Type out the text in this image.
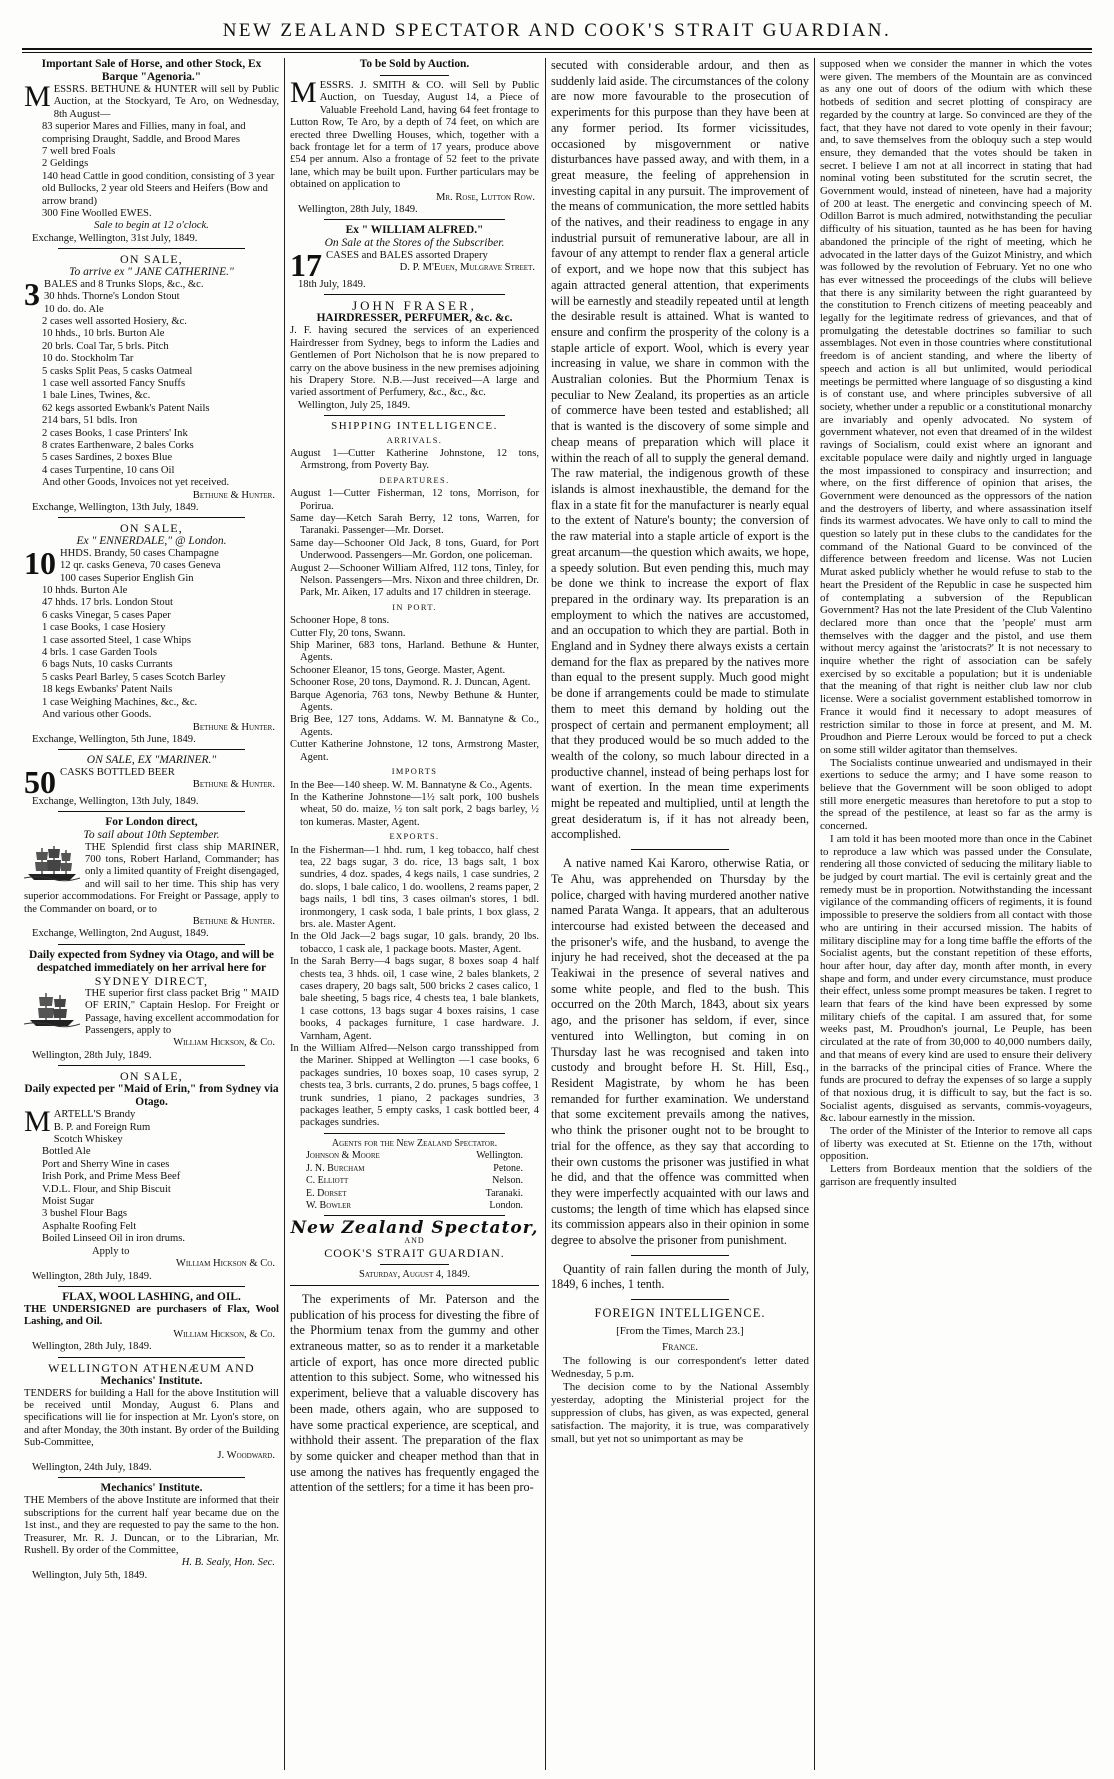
NEW ZEALAND SPECTATOR AND COOK'S STRAIT GUARDIAN.
Important Sale of Horse, and other Stock, Ex Barque "Agenoria."
MESSRS. BETHUNE & HUNTER will sell by Public Auction, at the Stockyard, Te Aro, on Wednesday, 8th August—
83 superior Mares and Fillies, many in foal, and comprising Draught, Saddle, and Brood Mares
7 well bred Foals
2 Geldings
140 head Cattle in good condition, consisting of 3 year old Bullocks, 2 year old Steers and Heifers (Bow and arrow brand)
300 Fine Woolled EWES.
Sale to begin at 12 o'clock.
Exchange, Wellington, 31st July, 1849.
ON SALE,
To arrive ex " JANE CATHERINE."
3 BALES and 8 Trunks Slops, &c., &c.
30 hhds. Thorne's London Stout
10 do. do. Ale
2 cases well assorted Hosiery, &c.
10 hhds., 10 brls. Burton Ale
20 brls. Coal Tar, 5 brls. Pitch
10 do. Stockholm Tar
5 casks Split Peas, 5 casks Oatmeal
1 case well assorted Fancy Snuffs
1 bale Lines, Twines, &c.
62 kegs assorted Ewbank's Patent Nails
214 bars, 51 bdls. Iron
2 cases Books, 1 case Printers' Ink
8 crates Earthenware, 2 bales Corks
5 cases Sardines, 2 boxes Blue
4 cases Turpentine, 10 cans Oil
And other Goods, Invoices not yet received.
Bethune & Hunter.
Exchange, Wellington, 13th July, 1849.
ON SALE,
Ex " ENNERDALE," @ London.
10 HHDS. Brandy, 50 cases Champagne
12 qr. casks Geneva, 70 cases Geneva
100 cases Superior English Gin
10 hhds. Burton Ale
47 hhds. 17 brls. London Stout
6 casks Vinegar, 5 cases Paper
1 case Books, 1 case Hosiery
1 case assorted Steel, 1 case Whips
4 brls. 1 case Garden Tools
6 bags Nuts, 10 casks Currants
5 casks Pearl Barley, 5 cases Scotch Barley
18 kegs Ewbanks' Patent Nails
1 case Weighing Machines, &c., &c.
And various other Goods.
Bethune & Hunter.
Exchange, Wellington, 5th June, 1849.
ON SALE, EX "MARINER."
50 CASKS BOTTLED BEER
Bethune & Hunter.
Exchange, Wellington, 13th July, 1849.
For London direct,
To sail about 10th September.
THE Splendid first class ship MARINER, 700 tons, Robert Harland, Commander; has only a limited quantity of Freight disengaged, and will sail to her time. This ship has very superior accommodations. For Freight or Passage, apply to the Commander on board, or to
Bethune & Hunter.
Exchange, Wellington, 2nd August, 1849.
Daily expected from Sydney via Otago, and will be despatched immediately on her arrival here for
SYDNEY DIRECT,
THE superior first class packet Brig " MAID OF ERIN," Captain Heslop. For Freight or Passage, having excellent accommodation for Passengers, apply to
William Hickson, & Co.
Wellington, 28th July, 1849.
ON SALE,
Daily expected per "Maid of Erin," from Sydney via Otago.
M ARTELL'S Brandy
B. P. and Foreign Rum
Scotch Whiskey
Bottled Ale
Port and Sherry Wine in cases
Irish Pork, and Prime Mess Beef
V.D.L. Flour, and Ship Biscuit
Moist Sugar
3 bushel Flour Bags
Asphalte Roofing Felt
Boiled Linseed Oil in iron drums.
Apply to
William Hickson & Co.
Wellington, 28th July, 1849.
FLAX, WOOL LASHING, and OIL.
THE UNDERSIGNED are purchasers of Flax, Wool Lashing, and Oil.
William Hickson, & Co.
Wellington, 28th July, 1849.
WELLINGTON ATHENÆUM AND
Mechanics' Institute.
TENDERS for building a Hall for the above Institution will be received until Monday, August 6. Plans and specifications will lie for inspection at Mr. Lyon's store, on and after Monday, the 30th instant. By order of the Building Sub-Committee,
J. Woodward.
Wellington, 24th July, 1849.
Mechanics' Institute.
THE Members of the above Institute are informed that their subscriptions for the current half year became due on the 1st inst., and they are requested to pay the same to the hon. Treasurer, Mr. R. J. Duncan, or to the Librarian, Mr. Rushell. By order of the Committee,
H. B. Sealy, Hon. Sec.
Wellington, July 5th, 1849.
To be Sold by Auction.
MESSRS. J. SMITH & CO. will Sell by Public Auction, on Tuesday, August 14, a Piece of Valuable Freehold Land, having 64 feet frontage to Lutton Row, Te Aro, by a depth of 74 feet, on which are erected three Dwelling Houses, which, together with a back frontage let for a term of 17 years, produce above £54 per annum. Also a frontage of 52 feet to the private lane, which may be built upon. Further particulars may be obtained on application to
Mr. Rose, Lutton Row.
Wellington, 28th July, 1849.
Ex " WILLIAM ALFRED."
On Sale at the Stores of the Subscriber.
17 CASES and BALES assorted Drapery
D. P. M'Euen, Mulgrave Street.
18th July, 1849.
JOHN FRASER,
HAIRDRESSER, PERFUMER, &c. &c.
J. F. having secured the services of an experienced Hairdresser from Sydney, begs to inform the Ladies and Gentlemen of Port Nicholson that he is now prepared to carry on the above business in the new premises adjoining his Drapery Store. N.B.—Just received—A large and varied assortment of Perfumery, &c., &c., &c.
Wellington, July 25, 1849.
SHIPPING INTELLIGENCE.
ARRIVALS.
August 1—Cutter Katherine Johnstone, 12 tons, Armstrong, from Poverty Bay.
DEPARTURES.
August 1—Cutter Fisherman, 12 tons, Morrison, for Porirua.
Same day—Ketch Sarah Berry, 12 tons, Warren, for Taranaki. Passenger—Mr. Dorset.
Same day—Schooner Old Jack, 8 tons, Guard, for Port Underwood. Passengers—Mr. Gordon, one policeman.
August 2—Schooner William Alfred, 112 tons, Tinley, for Nelson. Passengers—Mrs. Nixon and three children, Dr. Park, Mr. Aiken, 17 adults and 17 children in steerage.
IN PORT.
Schooner Hope, 8 tons.
Cutter Fly, 20 tons, Swann.
Ship Mariner, 683 tons, Harland. Bethune & Hunter, Agents.
Schooner Eleanor, 15 tons, George. Master, Agent.
Schooner Rose, 20 tons, Daymond. R. J. Duncan, Agent.
Barque Agenoria, 763 tons, Newby Bethune & Hunter, Agents.
Brig Bee, 127 tons, Addams. W. M. Bannatyne & Co., Agents.
Cutter Katherine Johnstone, 12 tons, Armstrong Master, Agent.
IMPORTS
In the Bee—140 sheep. W. M. Bannatyne & Co., Agents.
In the Katherine Johnstone—1½ salt pork, 100 bushels wheat, 50 do. maize, ½ ton salt pork, 2 bags barley, ½ ton kumeras. Master, Agent.
EXPORTS.
In the Fisherman—1 hhd. rum, 1 keg tobacco, half chest tea, 22 bags sugar, 3 do. rice, 13 bags salt, 1 box sundries, 4 doz. spades, 4 kegs nails, 1 case sundries, 2 do. slops, 1 bale calico, 1 do. woollens, 2 reams paper, 2 bags nails, 1 bdl tins, 3 cases oilman's stores, 1 bdl. ironmongery, 1 cask soda, 1 bale prints, 1 box glass, 2 brs. ale. Master Agent.
In the Old Jack—2 bags sugar, 10 gals. brandy, 20 lbs. tobacco, 1 cask ale, 1 package boots. Master, Agent.
In the Sarah Berry—4 bags sugar, 8 boxes soap 4 half chests tea, 3 hhds. oil, 1 case wine, 2 bales blankets, 2 cases drapery, 20 bags salt, 500 bricks 2 cases calico, 1 bale sheeting, 5 bags rice, 4 chests tea, 1 bale blankets, 1 case cottons, 13 bags sugar 4 boxes raisins, 1 case books, 4 packages furniture, 1 case hardware. J. Varnham, Agent.
In the William Alfred—Nelson cargo transshipped from the Mariner. Shipped at Wellington —1 case books, 6 packages sundries, 10 boxes soap, 10 cases syrup, 2 chests tea, 3 brls. currants, 2 do. prunes, 5 bags coffee, 1 trunk sundries, 1 piano, 2 packages sundries, 3 packages leather, 5 empty casks, 1 cask bottled beer, 4 packages sundries.
Agents for the New Zealand Spectator.
Johnson & Moore	Wellington.
J. N. Burcham	Petone.
C. Elliott	Nelson.
E. Dorset	Taranaki.
W. Bowler	London.
New Zealand Spectator,
AND
COOK'S STRAIT GUARDIAN.
Saturday, August 4, 1849.

The experiments of Mr. Paterson and the publication of his process for divesting the fibre of the Phormium tenax from the gummy and other extraneous matter, so as to render it a marketable article of export, has once more directed public attention to this subject. Some, who witnessed his experiment, believe that a valuable discovery has been made, others again, who are supposed to have some practical experience, are sceptical, and withhold their assent. The preparation of the flax by some quicker and cheaper method than that in use among the natives has frequently engaged the attention of the settlers; for a time it has been pro-

secuted with considerable ardour, and then as suddenly laid aside. The circumstances of the colony are now more favourable to the prosecution of experiments for this purpose than they have been at any former period. Its former vicissitudes, occasioned by misgovernment or native disturbances have passed away, and with them, in a great measure, the feeling of apprehension in investing capital in any pursuit. The improvement of the means of communication, the more settled habits of the natives, and their readiness to engage in any industrial pursuit of remunerative labour, are all in favour of any attempt to render flax a general article of export, and we hope now that this subject has again attracted general attention, that experiments will be earnestly and steadily repeated until at length the desirable result is attained. What is wanted to ensure and confirm the prosperity of the colony is a staple article of export. Wool, which is every year increasing in value, we share in common with the Australian colonies. But the Phormium Tenax is peculiar to New Zealand, its properties as an article of commerce have been tested and established; all that is wanted is the discovery of some simple and cheap means of preparation which will place it within the reach of all to supply the general demand. The raw material, the indigenous growth of these islands is almost inexhaustible, the demand for the flax in a state fit for the manufacturer is nearly equal to the extent of Nature's bounty; the conversion of the raw material into a staple article of export is the great arcanum—the question which awaits, we hope, a speedy solution. But even pending this, much may be done we think to increase the export of flax prepared in the ordinary way. Its preparation is an employment to which the natives are accustomed, and an occupation to which they are partial. Both in England and in Sydney there always exists a certain demand for the flax as prepared by the natives more than equal to the present supply. Much good might be done if arrangements could be made to stimulate them to meet this demand by holding out the prospect of certain and permanent employment; all that they produced would be so much added to the wealth of the colony, so much labour directed in a productive channel, instead of being perhaps lost for want of exertion. In the mean time experiments might be repeated and multiplied, until at length the great desideratum is, if it has not already been, accomplished.

A native named Kai Karoro, otherwise Ratia, or Te Ahu, was apprehended on Thursday by the police, charged with having murdered another native named Parata Wanga. It appears, that an adulterous intercourse had existed between the deceased and the prisoner's wife, and the husband, to avenge the injury he had received, shot the deceased at the pa Teakiwai in the presence of several natives and some white people, and fled to the bush. This occurred on the 20th March, 1843, about six years ago, and the prisoner has seldom, if ever, since ventured into Wellington, but coming in on Thursday last he was recognised and taken into custody and brought before H. St. Hill, Esq., Resident Magistrate, by whom he has been remanded for further examination. We understand that some excitement prevails among the natives, who think the prisoner ought not to be brought to trial for the offence, as they say that according to their own customs the prisoner was justified in what he did, and that the offence was committed when they were imperfectly acquainted with our laws and customs; the length of time which has elapsed since its commission appears also in their opinion in some degree to absolve the prisoner from punishment.

Quantity of rain fallen during the month of July, 1849, 6 inches, 1 tenth.

FOREIGN INTELLIGENCE.
[From the Times, March 23.]
France.

The following is our correspondent's letter dated Wednesday, 5 p.m.

The decision come to by the National Assembly yesterday, adopting the Ministerial project for the suppression of clubs, has given, as was expected, general satisfaction. The majority, it is true, was comparatively small, but yet not so unimportant as may be

supposed when we consider the manner in which the votes were given. The members of the Mountain are as convinced as any one out of doors of the odium with which these hotbeds of sedition and secret plotting of conspiracy are regarded by the country at large. So convinced are they of the fact, that they have not dared to vote openly in their favour; and, to save themselves from the obloquy such a step would ensure, they demanded that the votes should be taken in secret. I believe I am not at all incorrect in stating that had nominal voting been substituted for the scrutin secret, the Government would, instead of nineteen, have had a majority of 200 at least. The energetic and convincing speech of M. Odillon Barrot is much admired, notwithstanding the peculiar difficulty of his situation, taunted as he has been for having abandoned the principle of the right of meeting, which he advocated in the latter days of the Guizot Ministry, and which was followed by the revolution of February. Yet no one who has ever witnessed the proceedings of the clubs will believe that there is any similarity between the right guaranteed by the constitution to French citizens of meeting peaceably and legally for the legitimate redress of grievances, and that of promulgating the detestable doctrines so familiar to such assemblages. Not even in those countries where constitutional freedom is of ancient standing, and where the liberty of speech and action is all but unlimited, would periodical meetings be permitted where language of so disgusting a kind is of constant use, and where principles subversive of all society, whether under a republic or a constitutional monarchy are invariably and openly advocated. No system of government whatever, not even that dreamed of in the wildest ravings of Socialism, could exist where an ignorant and excitable populace were daily and nightly urged in language the most impassioned to conspiracy and insurrection; and where, on the first difference of opinion that arises, the Government were denounced as the oppressors of the nation and the destroyers of liberty, and where assassination itself finds its warmest advocates. We have only to call to mind the question so lately put in these clubs to the candidates for the command of the National Guard to be convinced of the difference between freedom and license. Was not Lucien Murat asked publicly whether he would refuse to stab to the heart the President of the Republic in case he suspected him of contemplating a subversion of the Republican Government? Has not the late President of the Club Valentino declared more than once that the 'people' must arm themselves with the dagger and the pistol, and use them without mercy against the 'aristocrats?' It is not necessary to inquire whether the right of association can be safely exercised by so excitable a population; but it is undeniable that the meaning of that right is neither club law nor club license. Were a socialist government established tomorrow in France it would find it necessary to adopt measures of restriction similar to those in force at present, and M. M. Proudhon and Pierre Leroux would be forced to put a check on some still wilder agitator than themselves.

The Socialists continue unwearied and undismayed in their exertions to seduce the army; and I have some reason to believe that the Government will be soon obliged to adopt still more energetic measures than heretofore to put a stop to the spread of the pestilence, at least so far as the army is concerned.

I am told it has been mooted more than once in the Cabinet to reproduce a law which was passed under the Consulate, rendering all those convicted of seducing the military liable to be judged by court martial. The evil is certainly great and the remedy must be in proportion. Notwithstanding the incessant vigilance of the commanding officers of regiments, it is found impossible to preserve the soldiers from all contact with those who are untiring in their accursed mission. The habits of military discipline may for a long time baffle the efforts of the Socialist agents, but the constant repetition of these efforts, hour after hour, day after day, month after month, in every shape and form, and under every circumstance, must produce their effect, unless some prompt measures be taken. I regret to learn that fears of the kind have been expressed by some military chiefs of the capital. I am assured that, for some weeks past, M. Proudhon's journal, Le Peuple, has been circulated at the rate of from 30,000 to 40,000 numbers daily, and that means of every kind are used to ensure their delivery in the barracks of the principal cities of France. Where the funds are procured to defray the expenses of so large a supply of that noxious drug, it is difficult to say, but the fact is so. Socialist agents, disguised as servants, commis-voyageurs, &c. labour earnestly in the mission.

The order of the Minister of the Interior to remove all caps of liberty was executed at St. Etienne on the 17th, without opposition.

Letters from Bordeaux mention that the soldiers of the garrison are frequently insulted
